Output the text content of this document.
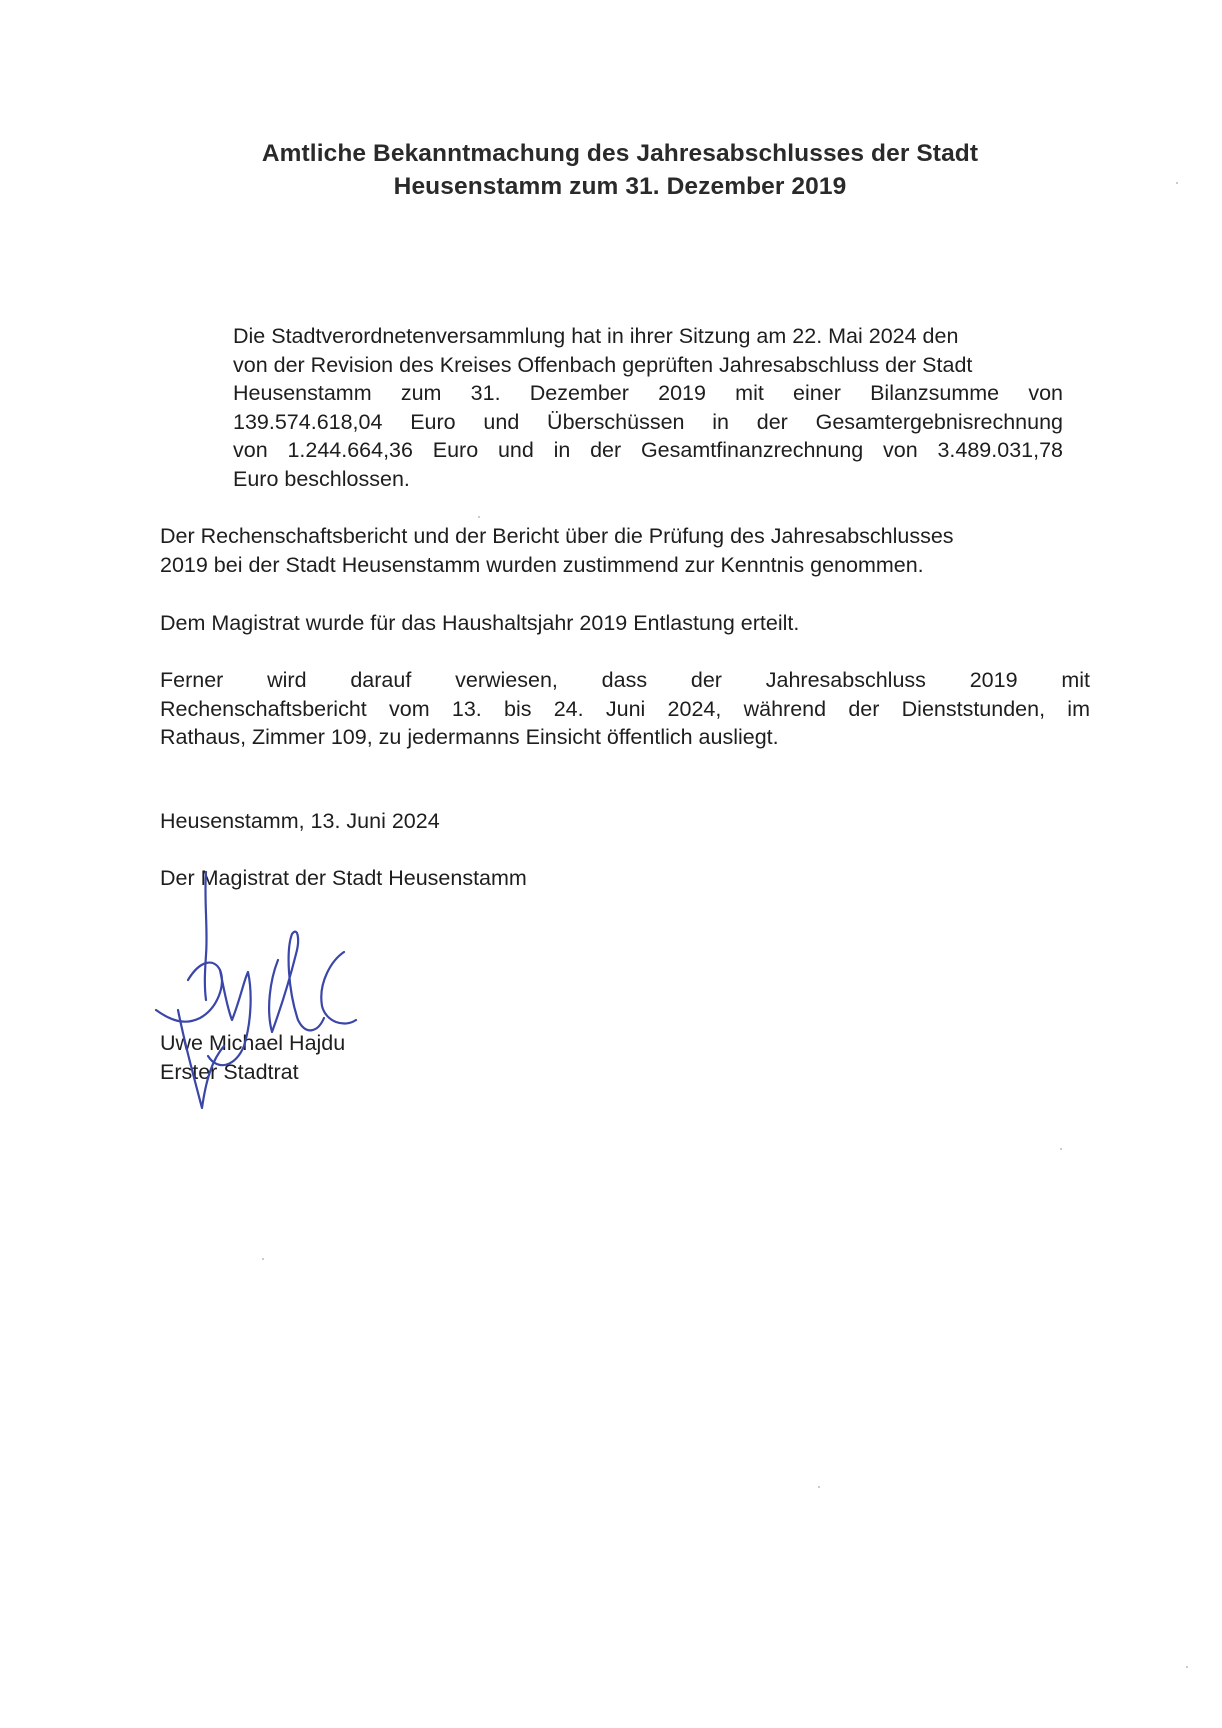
Amtliche Bekanntmachung des Jahresabschlusses der Stadt
Heusenstamm zum 31. Dezember 2019
Die Stadtverordnetenversammlung hat in ihrer Sitzung am 22. Mai 2024 den
von der Revision des Kreises Offenbach geprüften Jahresabschluss der Stadt
Heusenstamm zum 31. Dezember 2019 mit einer Bilanzsumme von
139.574.618,04 Euro und Überschüssen in der Gesamtergebnisrechnung
von 1.244.664,36 Euro und in der Gesamtfinanzrechnung von 3.489.031,78
Euro beschlossen.
Der Rechenschaftsbericht und der Bericht über die Prüfung des Jahresabschlusses
2019 bei der Stadt Heusenstamm wurden zustimmend zur Kenntnis genommen.
Dem Magistrat wurde für das Haushaltsjahr 2019 Entlastung erteilt.
Ferner wird darauf verwiesen, dass der Jahresabschluss 2019 mit
Rechenschaftsbericht vom 13. bis 24. Juni 2024, während der Dienststunden, im
Rathaus, Zimmer 109, zu jedermanns Einsicht öffentlich ausliegt.
Heusenstamm, 13. Juni 2024
Der Magistrat der Stadt Heusenstamm
Uwe Michael Hajdu
Erster Stadtrat
